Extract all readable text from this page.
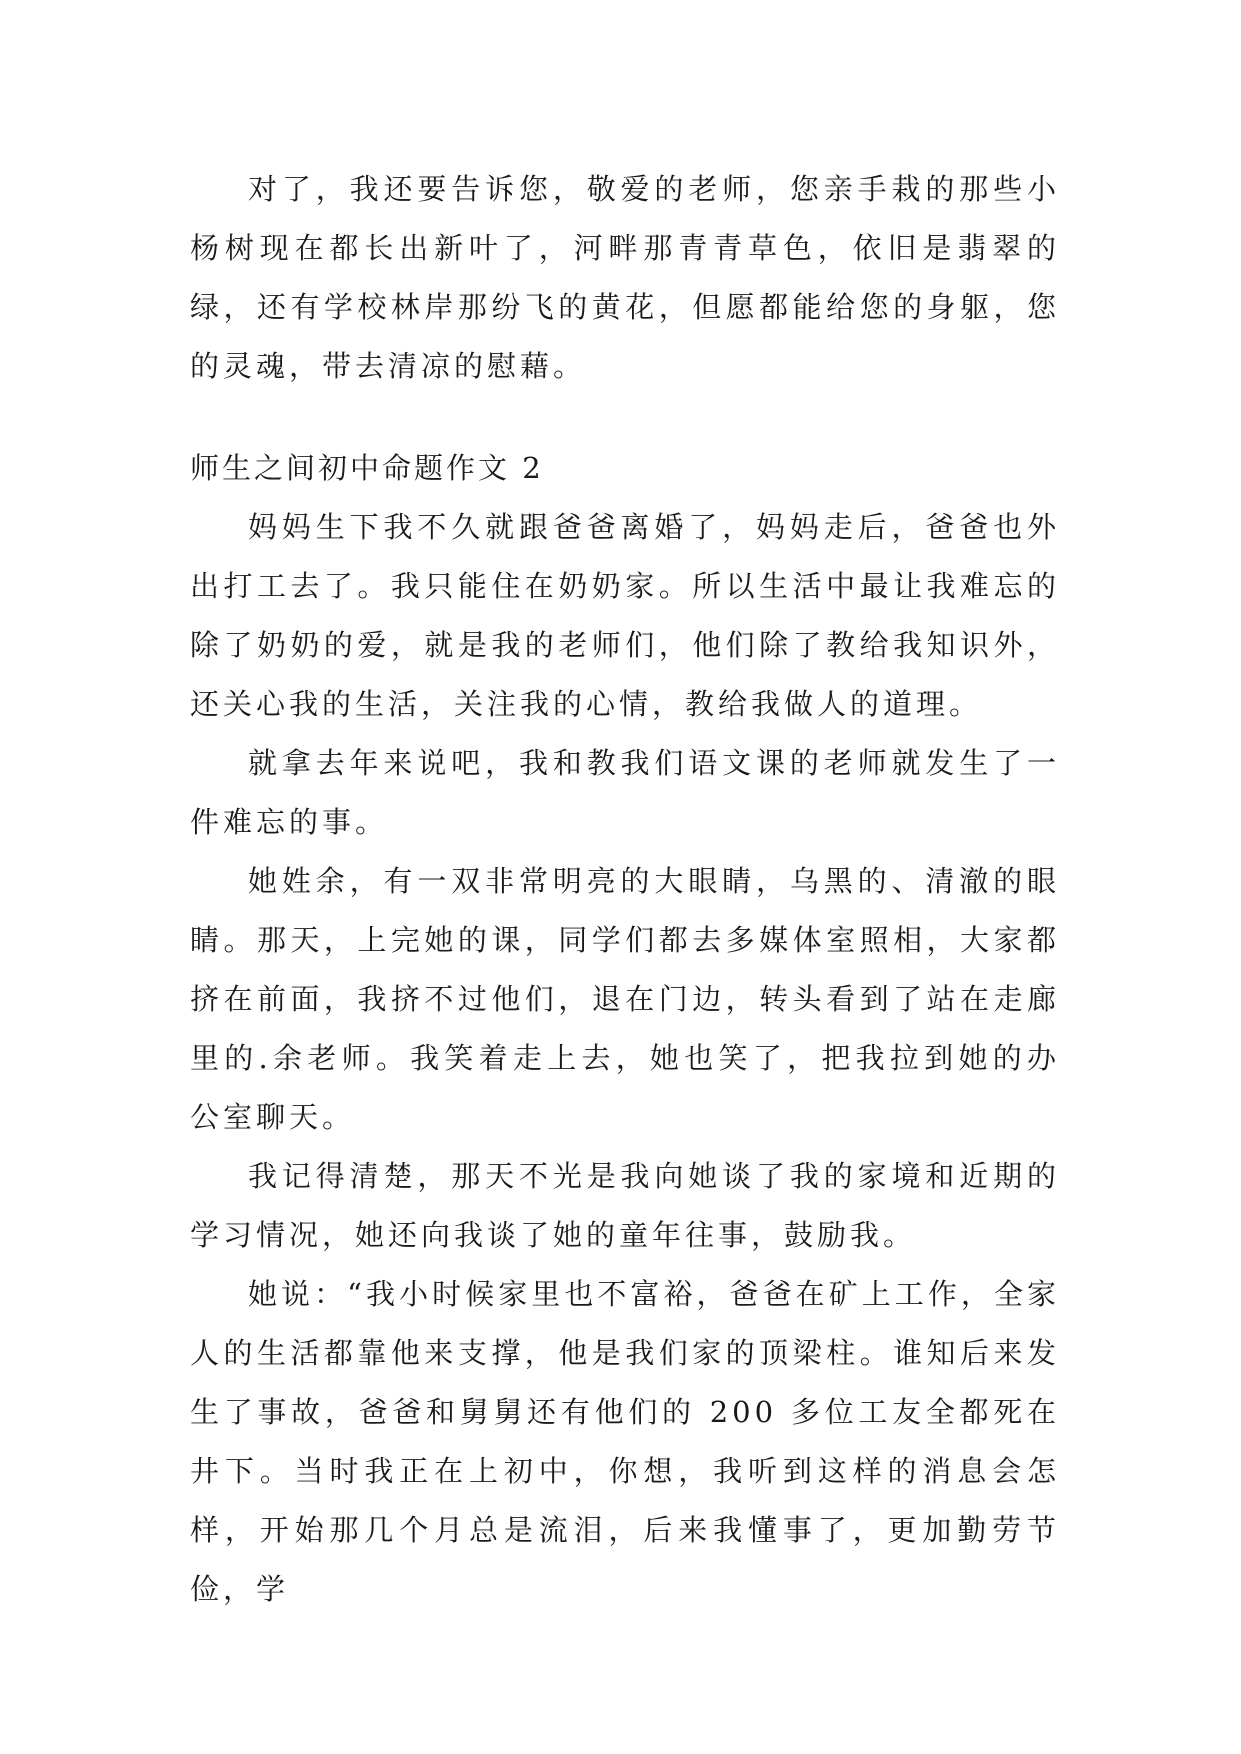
对了，我还要告诉您，敬爱的老师，您亲手栽的那些小杨树现在都长出新叶了，河畔那青青草色，依旧是翡翠的绿，还有学校林岸那纷飞的黄花，但愿都能给您的身躯，您的灵魂，带去清凉的慰藉。

师生之间初中命题作文 2

妈妈生下我不久就跟爸爸离婚了，妈妈走后，爸爸也外出打工去了。我只能住在奶奶家。所以生活中最让我难忘的除了奶奶的爱，就是我的老师们，他们除了教给我知识外，还关心我的生活，关注我的心情，教给我做人的道理。

就拿去年来说吧，我和教我们语文课的老师就发生了一件难忘的事。

她姓余，有一双非常明亮的大眼睛，乌黑的、清澈的眼睛。那天，上完她的课，同学们都去多媒体室照相，大家都挤在前面，我挤不过他们，退在门边，转头看到了站在走廊里的.余老师。我笑着走上去，她也笑了，把我拉到她的办公室聊天。

我记得清楚，那天不光是我向她谈了我的家境和近期的学习情况，她还向我谈了她的童年往事，鼓励我。

她说：“我小时候家里也不富裕，爸爸在矿上工作，全家人的生活都靠他来支撑，他是我们家的顶梁柱。谁知后来发生了事故，爸爸和舅舅还有他们的 200 多位工友全都死在井下。当时我正在上初中，你想，我听到这样的消息会怎样，开始那几个月总是流泪，后来我懂事了，更加勤劳节俭，学
